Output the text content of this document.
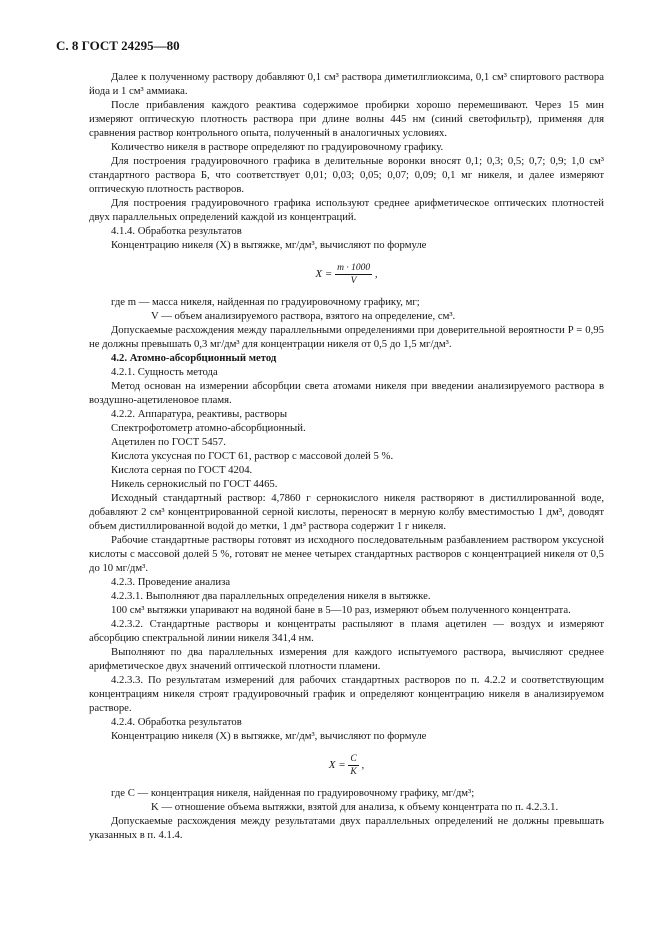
С. 8 ГОСТ 24295—80

Далее к полученному раствору добавляют 0,1 см³ раствора диметилглиоксима, 0,1 см³ спиртового раствора йода и 1 см³ аммиака.

После прибавления каждого реактива содержимое пробирки хорошо перемешивают. Через 15 мин измеряют оптическую плотность раствора при длине волны 445 нм (синий светофильтр), применяя для сравнения раствор контрольного опыта, полученный в аналогичных условиях.

Количество никеля в растворе определяют по градуировочному графику.

Для построения градуировочного графика в делительные воронки вносят 0,1; 0,3; 0,5; 0,7; 0,9; 1,0 см³ стандартного раствора Б, что соответствует 0,01; 0,03; 0,05; 0,07; 0,09; 0,1 мг никеля, и далее измеряют оптическую плотность растворов.

Для построения градуировочного графика используют среднее арифметическое оптических плотностей двух параллельных определений каждой из концентраций.

4.1.4. Обработка результатов

Концентрацию никеля (X) в вытяжке, мг/дм³, вычисляют по формуле

$X = \frac{m \cdot 1000}{V}$ ,

где m — масса никеля, найденная по градуировочному графику, мг;

V — объем анализируемого раствора, взятого на определение, см³.

Допускаемые расхождения между параллельными определениями при доверительной вероятности P = 0,95 не должны превышать 0,3 мг/дм³ для концентрации никеля от 0,5 до 1,5 мг/дм³.

4.2. Атомно-абсорбционный метод

4.2.1. Сущность метода

Метод основан на измерении абсорбции света атомами никеля при введении анализируемого раствора в воздушно-ацетиленовое пламя.

4.2.2. Аппаратура, реактивы, растворы

Спектрофотометр атомно-абсорбционный.

Ацетилен по ГОСТ 5457.

Кислота уксусная по ГОСТ 61, раствор с массовой долей 5 %.

Кислота серная по ГОСТ 4204.

Никель сернокислый по ГОСТ 4465.

Исходный стандартный раствор: 4,7860 г сернокислого никеля растворяют в дистиллированной воде, добавляют 2 см³ концентрированной серной кислоты, переносят в мерную колбу вместимостью 1 дм³, доводят объем дистиллированной водой до метки, 1 дм³ раствора содержит 1 г никеля.

Рабочие стандартные растворы готовят из исходного последовательным разбавлением раствором уксусной кислоты с массовой долей 5 %, готовят не менее четырех стандартных растворов с концентрацией никеля от 0,5 до 10 мг/дм³.

4.2.3. Проведение анализа

4.2.3.1. Выполняют два параллельных определения никеля в вытяжке.

100 см³ вытяжки упаривают на водяной бане в 5—10 раз, измеряют объем полученного концентрата.

4.2.3.2. Стандартные растворы и концентраты распыляют в пламя ацетилен — воздух и измеряют абсорбцию спектральной линии никеля 341,4 нм.

Выполняют по два параллельных измерения для каждого испытуемого раствора, вычисляют среднее арифметическое двух значений оптической плотности пламени.

4.2.3.3. По результатам измерений для рабочих стандартных растворов по п. 4.2.2 и соответствующим концентрациям никеля строят градуировочный график и определяют концентрацию никеля в анализируемом растворе.

4.2.4. Обработка результатов

Концентрацию никеля (X) в вытяжке, мг/дм³, вычисляют по формуле

$X = \frac{C}{K}$ ,

где C — концентрация никеля, найденная по градуировочному графику, мг/дм³;

K — отношение объема вытяжки, взятой для анализа, к объему концентрата по п. 4.2.3.1.

Допускаемые расхождения между результатами двух параллельных определений не должны превышать указанных в п. 4.1.4.
